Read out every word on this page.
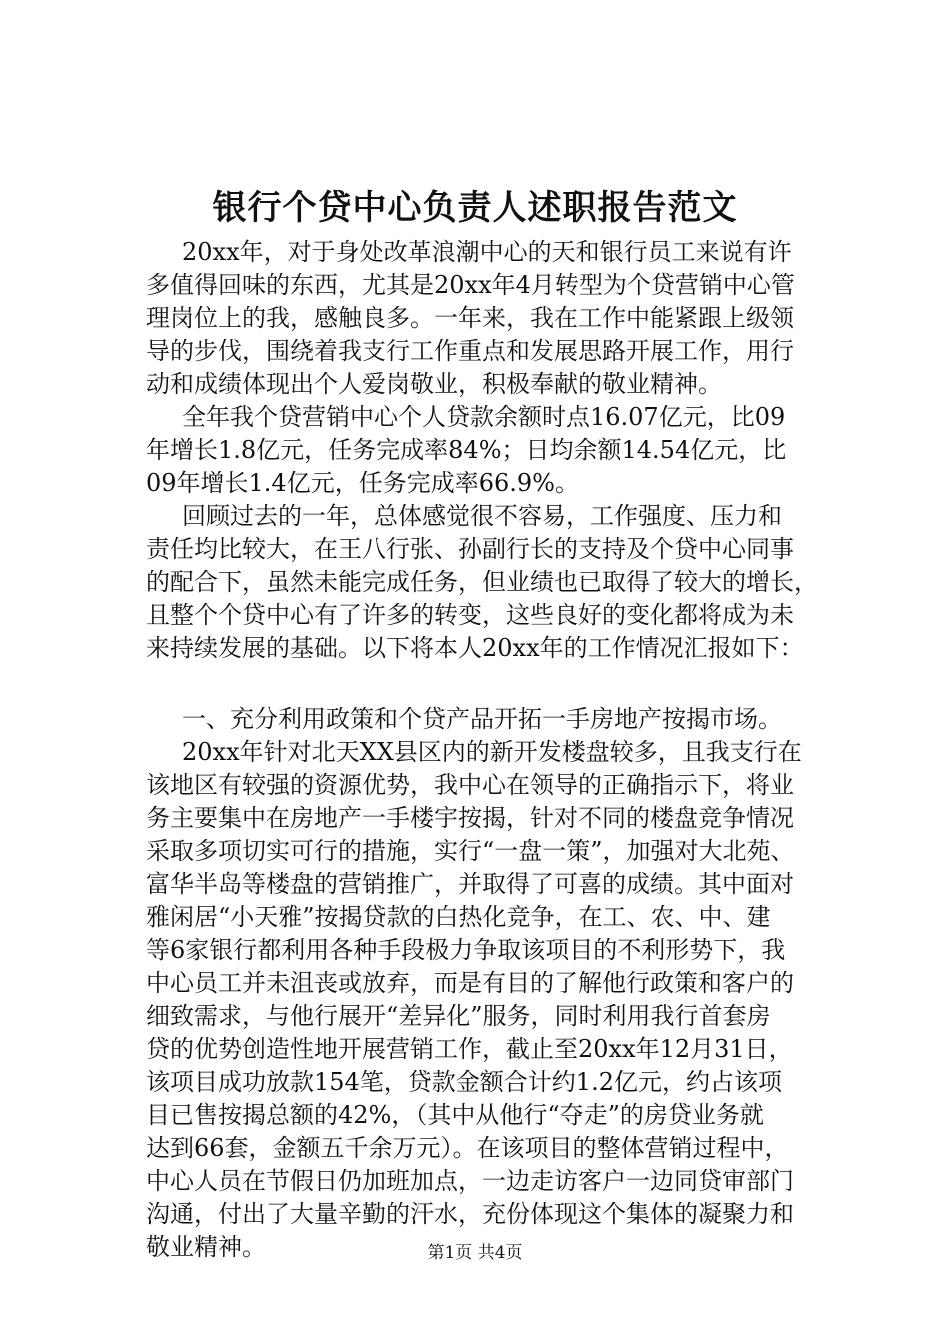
银行个贷中心负责人述职报告范文
20xx年，对于身处改革浪潮中心的天和银行员工来说有许
多值得回味的东西，尤其是20xx年4月转型为个贷营销中心管
理岗位上的我，感触良多。一年来，我在工作中能紧跟上级领
导的步伐，围绕着我支行工作重点和发展思路开展工作，用行
动和成绩体现出个人爱岗敬业，积极奉献的敬业精神。
全年我个贷营销中心个人贷款余额时点16.07亿元，比09
年增长1.8亿元，任务完成率84%；日均余额14.54亿元，比
09年增长1.4亿元，任务完成率66.9%。
回顾过去的一年，总体感觉很不容易，工作强度、压力和
责任均比较大，在王八行张、孙副行长的支持及个贷中心同事
的配合下，虽然未能完成任务，但业绩也已取得了较大的增长，
且整个个贷中心有了许多的转变，这些良好的变化都将成为未
来持续发展的基础。以下将本人20xx年的工作情况汇报如下：
一、充分利用政策和个贷产品开拓一手房地产按揭市场。
20xx年针对北天XX县区内的新开发楼盘较多，且我支行在
该地区有较强的资源优势，我中心在领导的正确指示下，将业
务主要集中在房地产一手楼宇按揭，针对不同的楼盘竞争情况
采取多项切实可行的措施，实行“一盘一策”，加强对大北苑、
富华半岛等楼盘的营销推广，并取得了可喜的成绩。其中面对
雅闲居“小天雅”按揭贷款的白热化竞争，在工、农、中、建
等6家银行都利用各种手段极力争取该项目的不利形势下，我
中心员工并未沮丧或放弃，而是有目的了解他行政策和客户的
细致需求，与他行展开“差异化”服务，同时利用我行首套房
贷的优势创造性地开展营销工作，截止至20xx年12月31日，
该项目成功放款154笔，贷款金额合计约1.2亿元，约占该项
目已售按揭总额的42%，（其中从他行“夺走”的房贷业务就
达到66套，金额五千余万元）。在该项目的整体营销过程中，
中心人员在节假日仍加班加点，一边走访客户一边同贷审部门
沟通，付出了大量辛勤的汗水，充份体现这个集体的凝聚力和
敬业精神。	第1页 共4页
